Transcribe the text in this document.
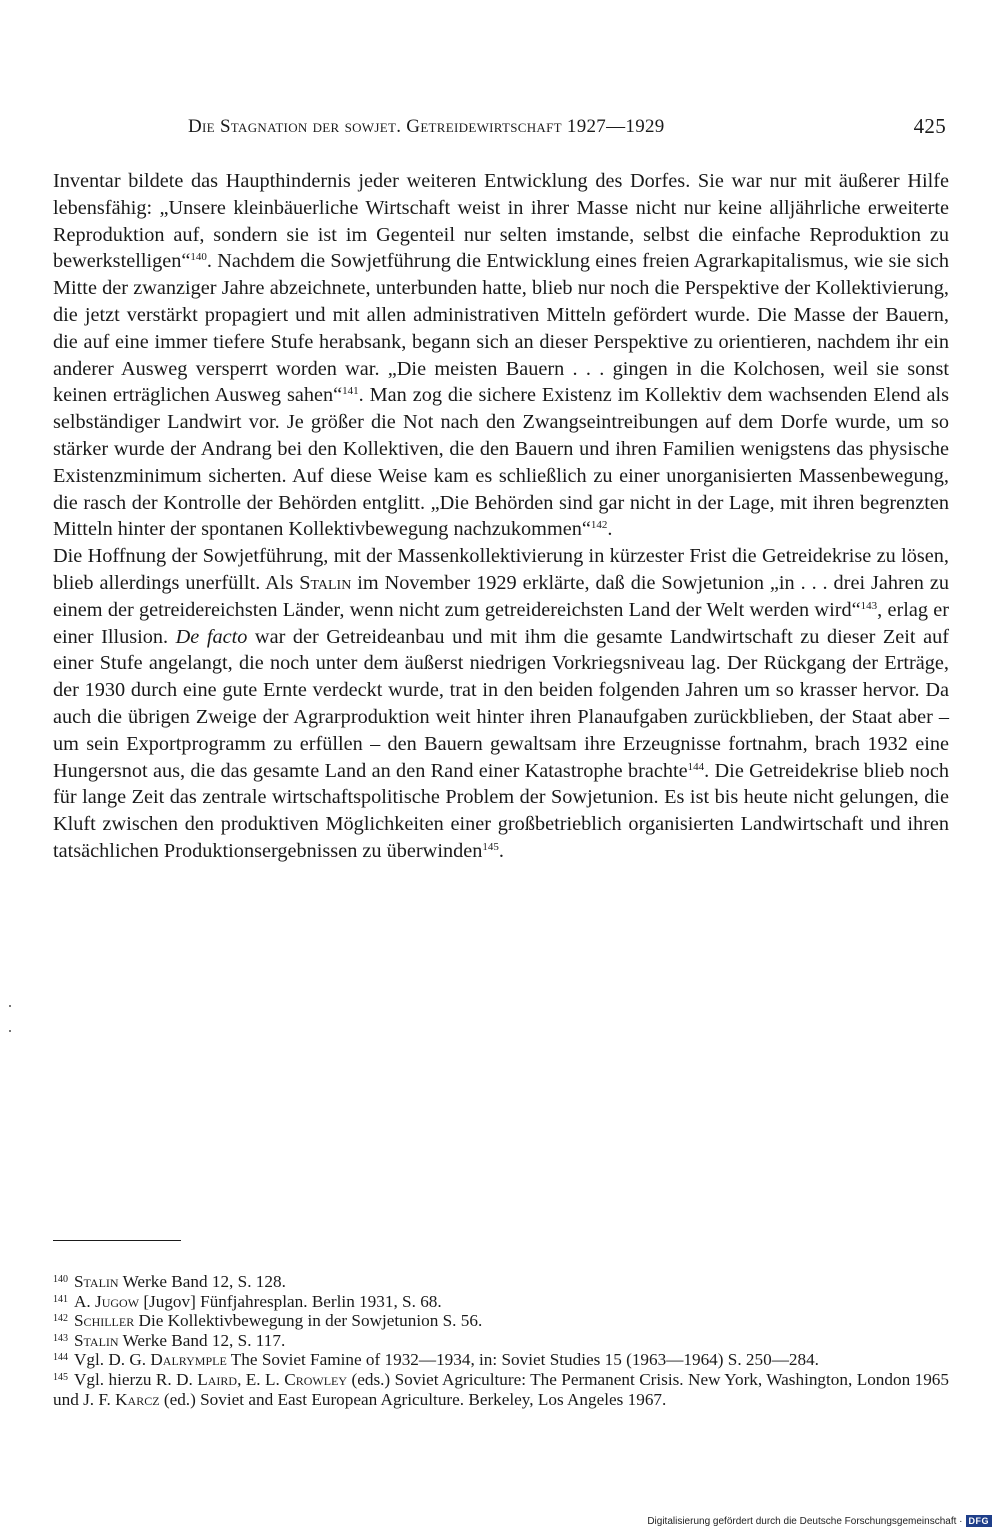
Die Stagnation der sowjet. Getreidewirtschaft 1927—1929	425

Inventar bildete das Haupthindernis jeder weiteren Entwicklung des Dorfes. Sie war nur mit äußerer Hilfe lebensfähig: „Unsere kleinbäuerliche Wirtschaft weist in ihrer Masse nicht nur keine alljährliche erweiterte Reproduktion auf, sondern sie ist im Gegenteil nur selten imstande, selbst die einfache Reproduktion zu bewerkstelligen“$^{140}$. Nachdem die Sowjetführung die Entwicklung eines freien Agrarkapitalismus, wie sie sich Mitte der zwanziger Jahre abzeichnete, unterbunden hatte, blieb nur noch die Perspektive der Kollektivierung, die jetzt verstärkt propagiert und mit allen administrativen Mitteln gefördert wurde. Die Masse der Bauern, die auf eine immer tiefere Stufe herabsank, begann sich an dieser Perspektive zu orientieren, nachdem ihr ein anderer Ausweg versperrt worden war. „Die meisten Bauern . . . gingen in die Kolchosen, weil sie sonst keinen erträglichen Ausweg sahen“$^{141}$. Man zog die sichere Existenz im Kollektiv dem wachsenden Elend als selbständiger Landwirt vor. Je größer die Not nach den Zwangseintreibungen auf dem Dorfe wurde, um so stärker wurde der Andrang bei den Kollektiven, die den Bauern und ihren Familien wenigstens das physische Existenzminimum sicherten. Auf diese Weise kam es schließlich zu einer unorganisierten Massenbewegung, die rasch der Kontrolle der Behörden entglitt. „Die Behörden sind gar nicht in der Lage, mit ihren begrenzten Mitteln hinter der spontanen Kollektivbewegung nachzukommen“$^{142}$.

Die Hoffnung der Sowjetführung, mit der Massenkollektivierung in kürzester Frist die Getreidekrise zu lösen, blieb allerdings unerfüllt. Als Stalin im November 1929 erklärte, daß die Sowjetunion „in . . . drei Jahren zu einem der getreidereichsten Länder, wenn nicht zum getreidereichsten Land der Welt werden wird“$^{143}$, erlag er einer Illusion. De facto war der Getreideanbau und mit ihm die gesamte Landwirtschaft zu dieser Zeit auf einer Stufe angelangt, die noch unter dem äußerst niedrigen Vorkriegsniveau lag. Der Rückgang der Erträge, der 1930 durch eine gute Ernte verdeckt wurde, trat in den beiden folgenden Jahren um so krasser hervor. Da auch die übrigen Zweige der Agrarproduktion weit hinter ihren Planaufgaben zurückblieben, der Staat aber – um sein Exportprogramm zu erfüllen – den Bauern gewaltsam ihre Erzeugnisse fortnahm, brach 1932 eine Hungersnot aus, die das gesamte Land an den Rand einer Katastrophe brachte$^{144}$. Die Getreidekrise blieb noch für lange Zeit das zentrale wirtschaftspolitische Problem der Sowjetunion. Es ist bis heute nicht gelungen, die Kluft zwischen den produktiven Möglichkeiten einer großbetrieblich organisierten Landwirtschaft und ihren tatsächlichen Produktionsergebnissen zu überwinden$^{145}$.

$^{140}$ Stalin Werke Band 12, S. 128.

$^{141}$ A. Jugow [Jugov] Fünfjahresplan. Berlin 1931, S. 68.

$^{142}$ Schiller Die Kollektivbewegung in der Sowjetunion S. 56.

$^{143}$ Stalin Werke Band 12, S. 117.

$^{144}$ Vgl. D. G. Dalrymple The Soviet Famine of 1932—1934, in: Soviet Studies 15 (1963—1964) S. 250—284.

$^{145}$ Vgl. hierzu R. D. Laird, E. L. Crowley (eds.) Soviet Agriculture: The Permanent Crisis. New York, Washington, London 1965 und J. F. Karcz (ed.) Soviet and East European Agriculture. Berkeley, Los Angeles 1967.

Digitalisierung gefördert durch die Deutsche Forschungsgemeinschaft · DFG
